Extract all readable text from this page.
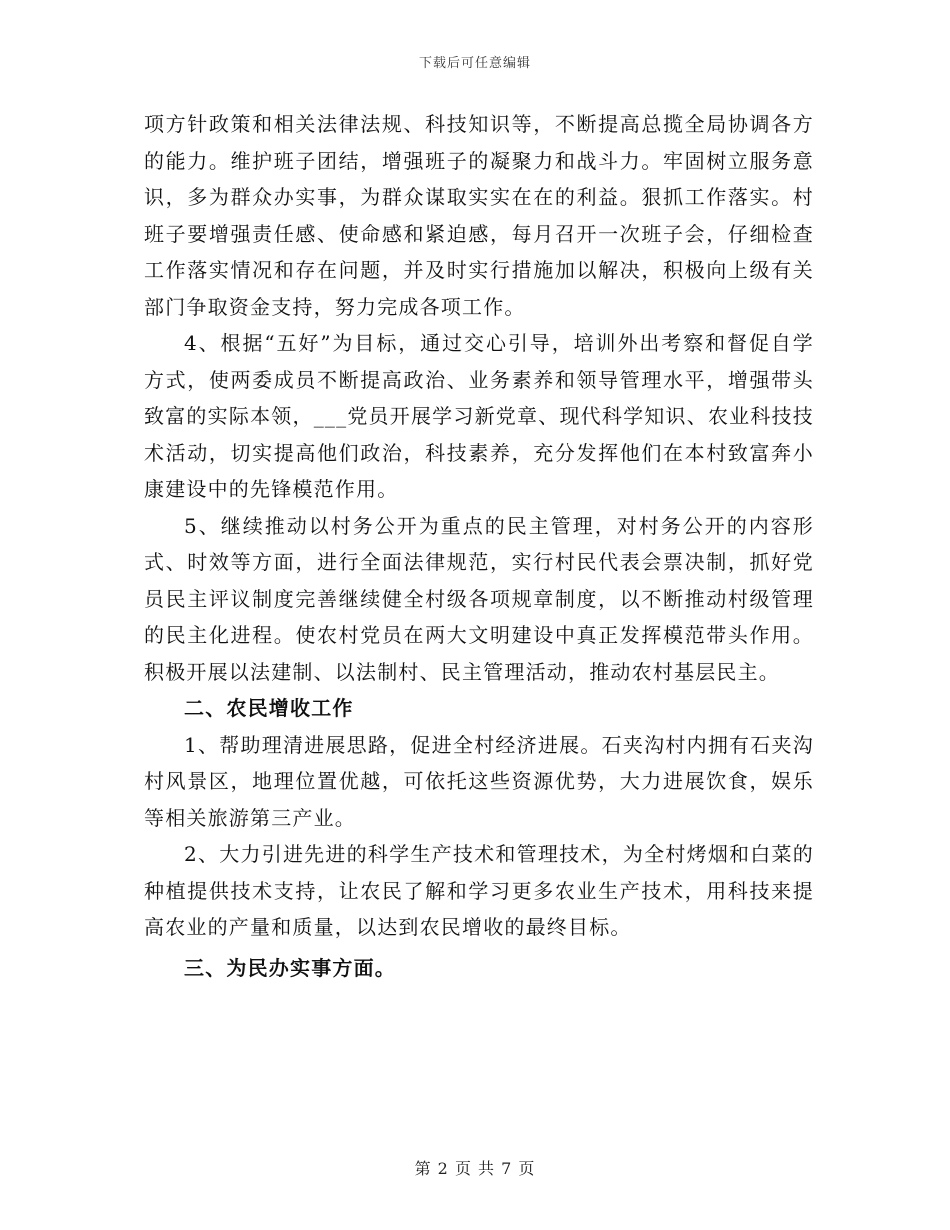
下载后可任意编辑

项方针政策和相关法律法规、科技知识等，不断提高总揽全局协调各方的能力。维护班子团结，增强班子的凝聚力和战斗力。牢固树立服务意识，多为群众办实事，为群众谋取实实在在的利益。狠抓工作落实。村班子要增强责任感、使命感和紧迫感，每月召开一次班子会，仔细检查工作落实情况和存在问题，并及时实行措施加以解决，积极向上级有关部门争取资金支持，努力完成各项工作。

4、根据“五好”为目标，通过交心引导，培训外出考察和督促自学方式，使两委成员不断提高政治、业务素养和领导管理水平，增强带头致富的实际本领，___党员开展学习新党章、现代科学知识、农业科技技术活动，切实提高他们政治，科技素养，充分发挥他们在本村致富奔小康建设中的先锋模范作用。

5、继续推动以村务公开为重点的民主管理，对村务公开的内容形式、时效等方面，进行全面法律规范，实行村民代表会票决制，抓好党员民主评议制度完善继续健全村级各项规章制度，以不断推动村级管理的民主化进程。使农村党员在两大文明建设中真正发挥模范带头作用。积极开展以法建制、以法制村、民主管理活动，推动农村基层民主。

二、农民增收工作

1、帮助理清进展思路，促进全村经济进展。石夹沟村内拥有石夹沟村风景区，地理位置优越，可依托这些资源优势，大力进展饮食，娱乐等相关旅游第三产业。

2、大力引进先进的科学生产技术和管理技术，为全村烤烟和白菜的种植提供技术支持，让农民了解和学习更多农业生产技术，用科技来提高农业的产量和质量，以达到农民增收的最终目标。

三、为民办实事方面。

第 2 页 共 7 页
